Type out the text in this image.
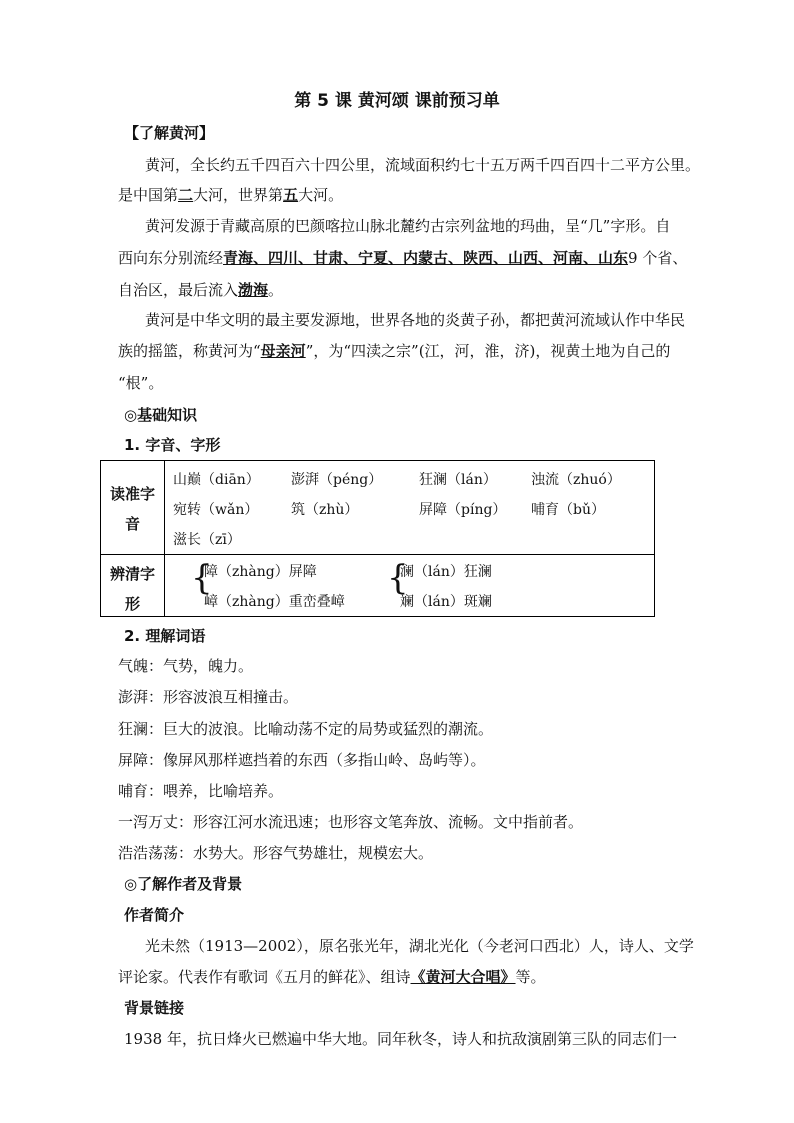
第 5 课 黄河颂 课前预习单
【了解黄河】
黄河，全长约五千四百六十四公里，流域面积约七十五万两千四百四十二平方公里。
是中国第二大河，世界第五大河。
黄河发源于青藏高原的巴颜喀拉山脉北麓约古宗列盆地的玛曲，呈“几”字形。自
西向东分别流经青海、四川、甘肃、宁夏、内蒙古、陕西、山西、河南、山东9 个省、
自治区，最后流入渤海。
黄河是中华文明的最主要发源地，世界各地的炎黄子孙，都把黄河流域认作中华民
族的摇篮，称黄河为“母亲河”，为“四渎之宗”(江，河，淮，济)，视黄土地为自己的
“根”。
◎基础知识
1. 字音、字形
读准字音
山巅（diān） 澎湃（péng）	狂澜（lán） 浊流（zhuó）
宛转（wǎn） 筑（zhù）	屏障（píng） 哺育（bǔ）
滋长（zī）
辨清字形
{
障（zhàng）屏障
嶂（zhàng）重峦叠嶂
{
澜（lán）狂澜
斓（lán）斑斓
2. 理解词语
气魄：气势，魄力。
澎湃：形容波浪互相撞击。
狂澜：巨大的波浪。比喻动荡不定的局势或猛烈的潮流。
屏障：像屏风那样遮挡着的东西（多指山岭、岛屿等）。
哺育：喂养，比喻培养。
一泻万丈：形容江河水流迅速；也形容文笔奔放、流畅。文中指前者。
浩浩荡荡：水势大。形容气势雄壮，规模宏大。
◎了解作者及背景
作者简介
光未然（1913—2002），原名张光年，湖北光化（今老河口西北）人，诗人、文学
评论家。代表作有歌词《五月的鲜花》、组诗《黄河大合唱》等。
背景链接
1938 年，抗日烽火已燃遍中华大地。同年秋冬，诗人和抗敌演剧第三队的同志们一
